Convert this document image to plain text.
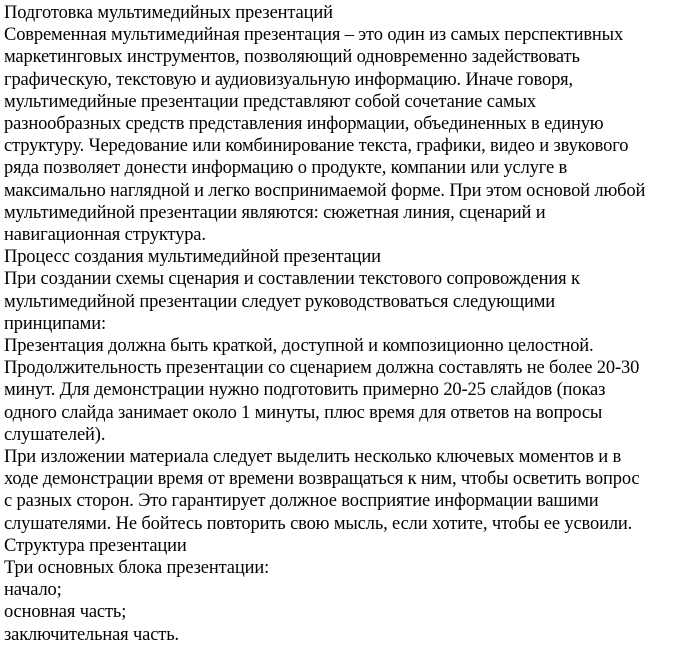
Подготовка мультимедийных презентаций

Современная мультимедийная презентация – это один из самых перспективных

маркетинговых инструментов, позволяющий одновременно задействовать

графическую, текстовую и аудиовизуальную информацию. Иначе говоря,

мультимедийные презентации представляют собой сочетание самых

разнообразных средств представления информации, объединенных в единую

структуру. Чередование или комбинирование текста, графики, видео и звукового

ряда позволяет донести информацию о продукте, компании или услуге в

максимально наглядной и легко воспринимаемой форме. При этом основой любой

мультимедийной презентации являются: сюжетная линия, сценарий и

навигационная структура.

Процесс создания мультимедийной презентации

При создании схемы сценария и составлении текстового сопровождения к

мультимедийной презентации следует руководствоваться следующими

принципами:

Презентация должна быть краткой, доступной и композиционно целостной.

Продолжительность презентации со сценарием должна составлять не более 20-30

минут. Для демонстрации нужно подготовить примерно 20-25 слайдов (показ

одного слайда занимает около 1 минуты, плюс время для ответов на вопросы

слушателей).

При изложении материала следует выделить несколько ключевых моментов и в

ходе демонстрации время от времени возвращаться к ним, чтобы осветить вопрос

с разных сторон. Это гарантирует должное восприятие информации вашими

слушателями. Не бойтесь повторить свою мысль, если хотите, чтобы ее усвоили.

Структура презентации

Три основных блока презентации:

начало;

основная часть;

заключительная часть.
